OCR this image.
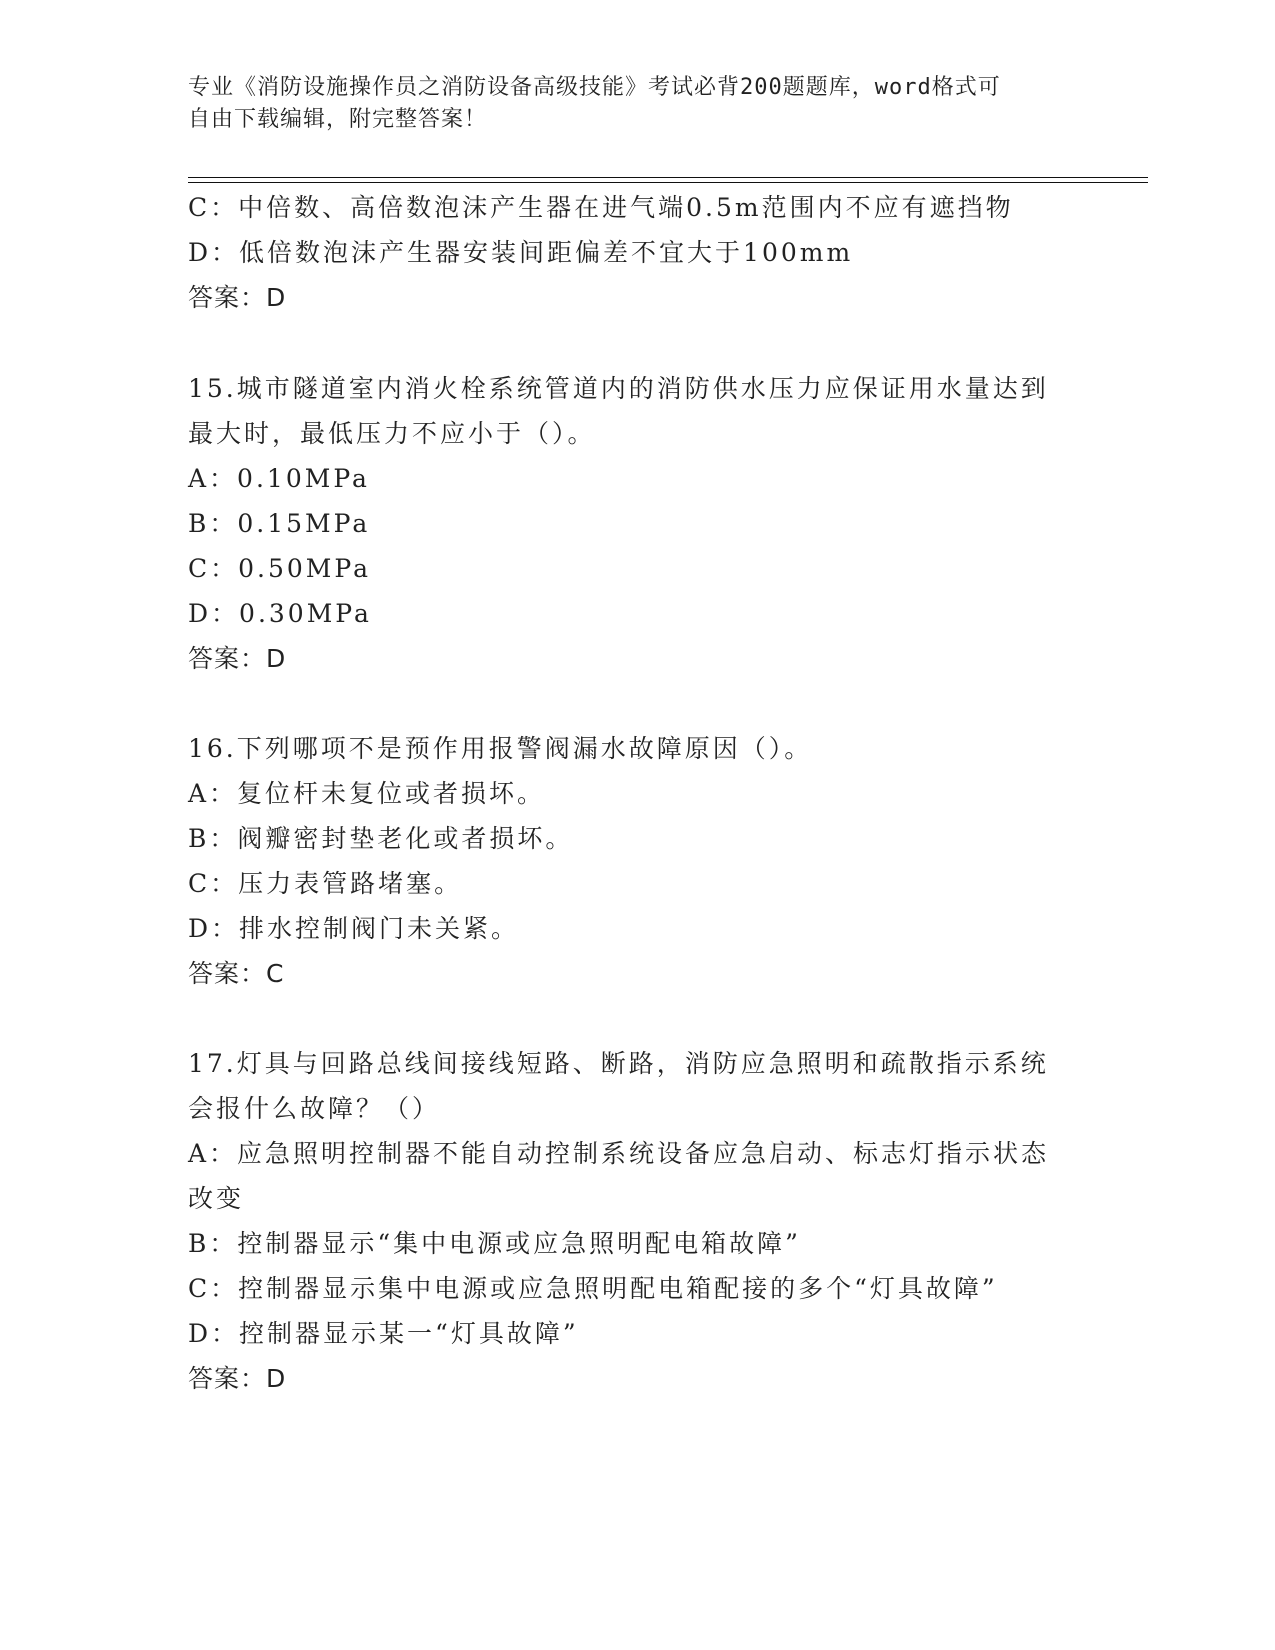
专业《消防设施操作员之消防设备高级技能》考试必背200题题库，word格式可
自由下载编辑，附完整答案！
C：中倍数、高倍数泡沫产生器在进气端0.5m范围内不应有遮挡物
D：低倍数泡沫产生器安装间距偏差不宜大于100mm
答案：D
15.城市隧道室内消火栓系统管道内的消防供水压力应保证用水量达到
最大时，最低压力不应小于（）。
A：0.10MPa
B：0.15MPa
C：0.50MPa
D：0.30MPa
答案：D
16.下列哪项不是预作用报警阀漏水故障原因（）。
A：复位杆未复位或者损坏。
B：阀瓣密封垫老化或者损坏。
C：压力表管路堵塞。
D：排水控制阀门未关紧。
答案：C
17.灯具与回路总线间接线短路、断路，消防应急照明和疏散指示系统
会报什么故障？（）
A：应急照明控制器不能自动控制系统设备应急启动、标志灯指示状态
改变
B：控制器显示“集中电源或应急照明配电箱故障”
C：控制器显示集中电源或应急照明配电箱配接的多个“灯具故障”
D：控制器显示某一“灯具故障”
答案：D
